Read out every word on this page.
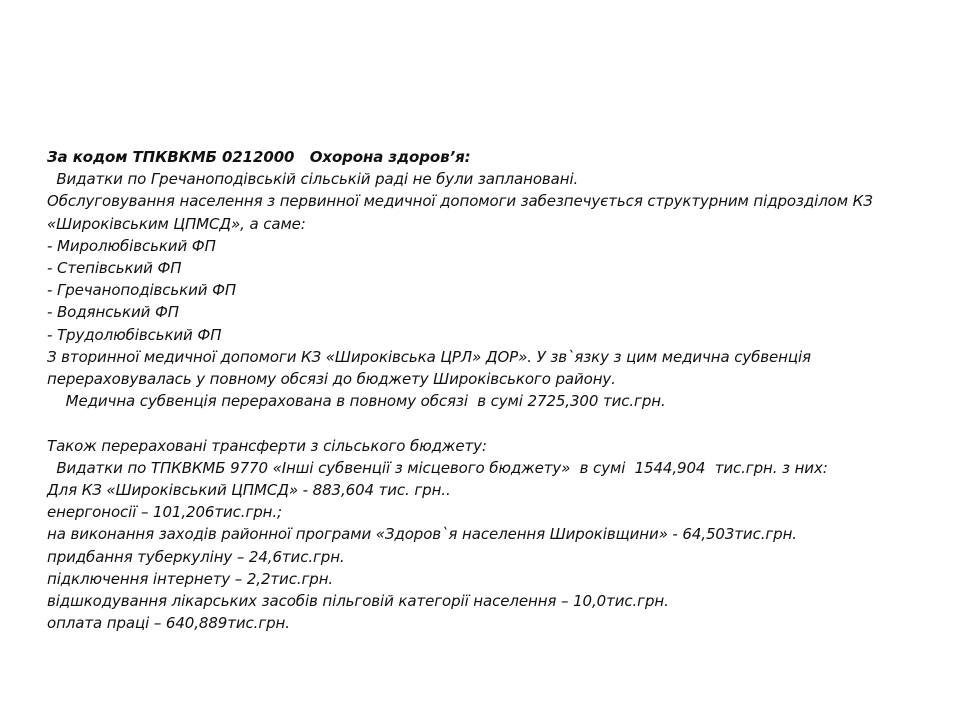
За кодом ТПКВКМБ 0212000   Охорона здоров’я:
Видатки по Гречаноподівській сільській раді не були заплановані.
Обслуговування населення з первинної медичної допомоги забезпечується структурним підрозділом КЗ
«Широківським ЦПМСД», а саме:
- Миролюбівський ФП
- Степівський ФП
- Гречаноподівський ФП
- Водянський ФП
- Трудолюбівський ФП
З вторинної медичної допомоги КЗ «Широківська ЦРЛ» ДОР». У зв`язку з цим медична субвенція
перераховувалась у повному обсязі до бюджету Широківського району.
Медична субвенція перерахована в повному обсязі  в сумі 2725,300 тис.грн.
Також перераховані трансферти з сільського бюджету:
Видатки по ТПКВКМБ 9770 «Інші субвенції з місцевого бюджету»  в сумі  1544,904  тис.грн. з них:
Для КЗ «Широківський ЦПМСД» - 883,604 тис. грн..
енергоносії – 101,206тис.грн.;
на виконання заходів районної програми «Здоров`я населення Широківщини» - 64,503тис.грн.
придбання туберкуліну – 24,6тис.грн.
підключення інтернету – 2,2тис.грн.
відшкодування лікарських засобів пільговій категорії населення – 10,0тис.грн.
оплата праці – 640,889тис.грн.
